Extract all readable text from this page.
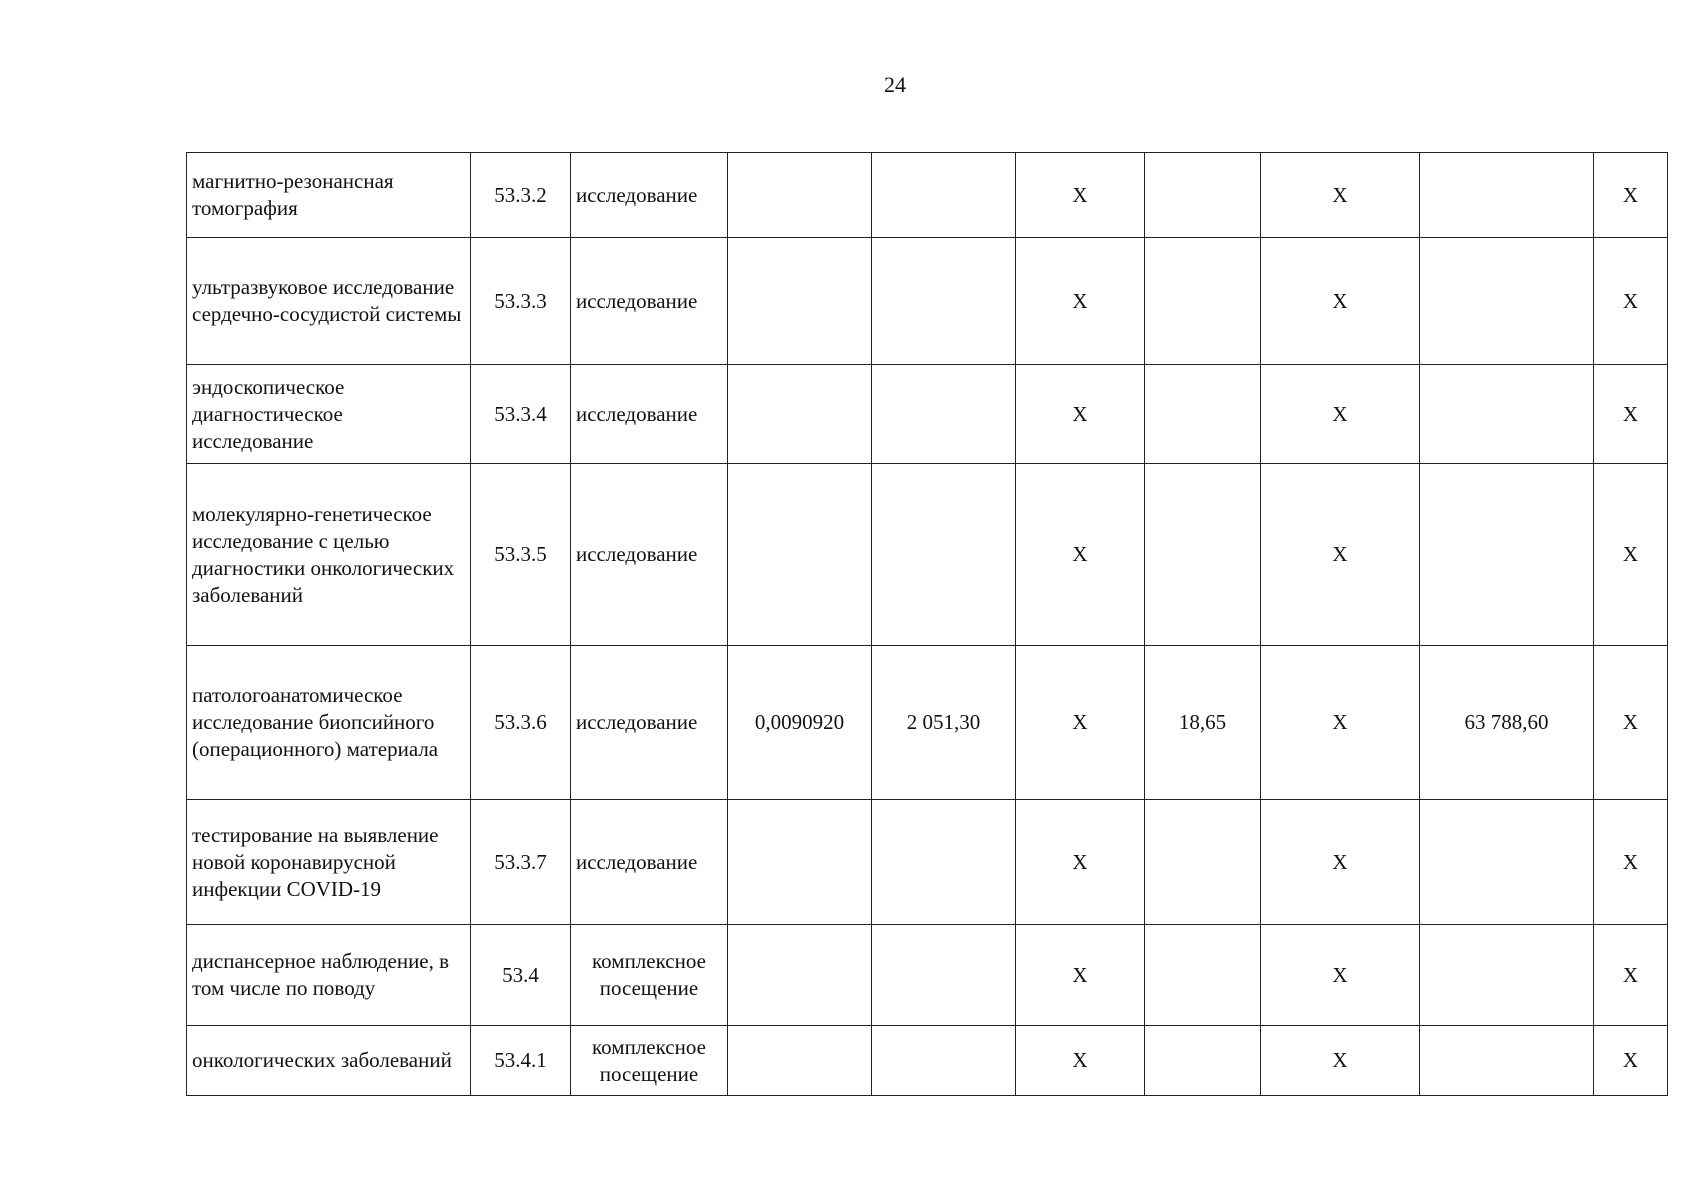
24
магнитно-резонансная томография	53.3.2	исследование			X		X		X
ультразвуковое исследование сердечно-сосудистой системы	53.3.3	исследование			X		X		X
эндоскопическое диагностическое исследование	53.3.4	исследование			X		X		X
молекулярно-генетическое исследование с целью диагностики онкологических заболеваний	53.3.5	исследование			X		X		X
патологоанатомическое исследование биопсийного (операционного) материала	53.3.6	исследование	0,0090920	2 051,30	X	18,65	X	63 788,60	X
тестирование на выявление новой коронавирусной инфекции COVID-19	53.3.7	исследование			X		X		X
диспансерное наблюдение, в том числе по поводу	53.4	комплексное посещение			X		X		X
онкологических заболеваний	53.4.1	комплексное посещение			X		X		X
